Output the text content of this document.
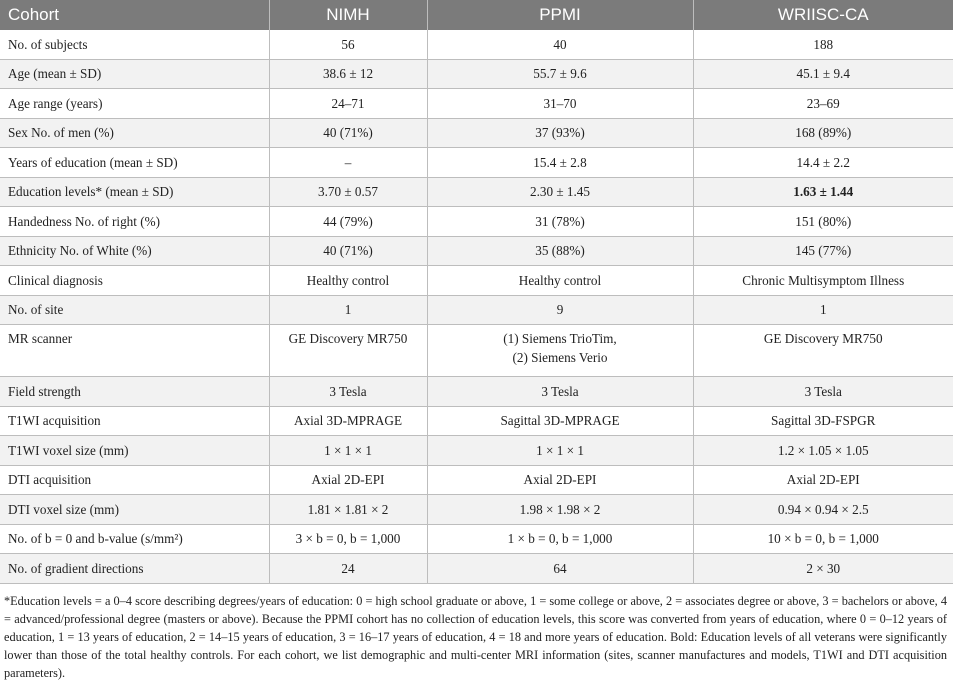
Cohort	NIMH	PPMI	WRIISC-CA
No. of subjects	56	40	188
Age (mean ± SD)	38.6 ± 12	55.7 ± 9.6	45.1 ± 9.4
Age range (years)	24–71	31–70	23–69
Sex No. of men (%)	40 (71%)	37 (93%)	168 (89%)
Years of education (mean ± SD)	–	15.4 ± 2.8	14.4 ± 2.2
Education levels* (mean ± SD)	3.70 ± 0.57	2.30 ± 1.45	1.63 ± 1.44
Handedness No. of right (%)	44 (79%)	31 (78%)	151 (80%)
Ethnicity No. of White (%)	40 (71%)	35 (88%)	145 (77%)
Clinical diagnosis	Healthy control	Healthy control	Chronic Multisymptom Illness
No. of site	1	9	1
MR scanner	GE Discovery MR750	(1) Siemens TrioTim,
(2) Siemens Verio	GE Discovery MR750
Field strength	3 Tesla	3 Tesla	3 Tesla
T1WI acquisition	Axial 3D-MPRAGE	Sagittal 3D-MPRAGE	Sagittal 3D-FSPGR
T1WI voxel size (mm)	1 × 1 × 1	1 × 1 × 1	1.2 × 1.05 × 1.05
DTI acquisition	Axial 2D-EPI	Axial 2D-EPI	Axial 2D-EPI
DTI voxel size (mm)	1.81 × 1.81 × 2	1.98 × 1.98 × 2	0.94 × 0.94 × 2.5
No. of b = 0 and b-value (s/mm²)	3 × b = 0, b = 1,000	1 × b = 0, b = 1,000	10 × b = 0, b = 1,000
No. of gradient directions	24	64	2 × 30
*Education levels = a 0–4 score describing degrees/years of education: 0 = high school graduate or above, 1 = some college or above, 2 = associates degree or above, 3 = bachelors or above, 4 = advanced/professional degree (masters or above). Because the PPMI cohort has no collection of education levels, this score was converted from years of education, where 0 = 0–12 years of education, 1 = 13 years of education, 2 = 14–15 years of education, 3 = 16–17 years of education, 4 = 18 and more years of education. Bold: Education levels of all veterans were significantly lower than those of the total healthy controls. For each cohort, we list demographic and multi-center MRI information (sites, scanner manufactures and models, T1WI and DTI acquisition parameters).
